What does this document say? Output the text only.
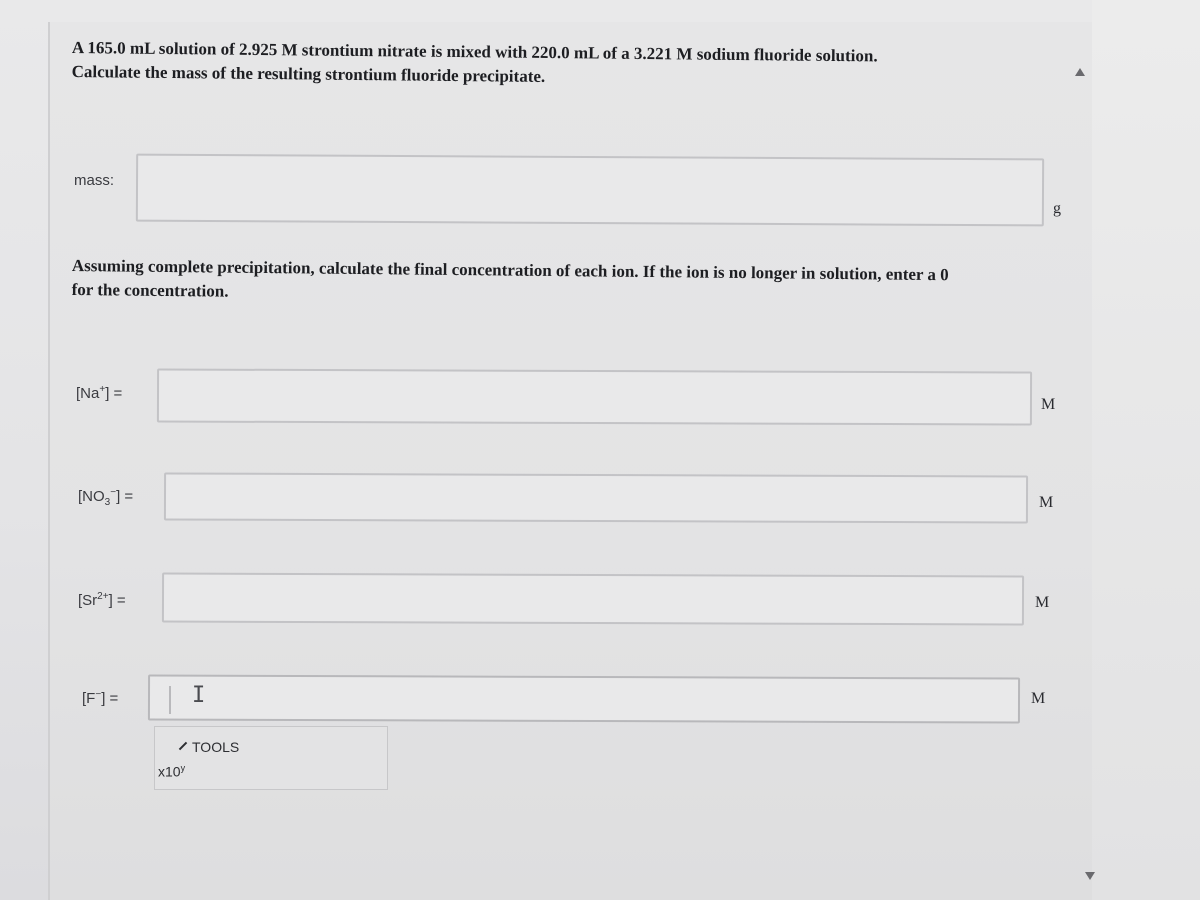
A 165.0 mL solution of 2.925 M strontium nitrate is mixed with 220.0 mL of a 3.221 M sodium fluoride solution.
Calculate the mass of the resulting strontium fluoride precipitate.
mass:
g
Assuming complete precipitation, calculate the final concentration of each ion. If the ion is no longer in solution, enter a 0
for the concentration.
[Na+] =
M
$[NO_3^-]$ =	M
$[Sr^{2+}]$ =	M
[F−] =	I	M
TOOLS
x10$^y$
